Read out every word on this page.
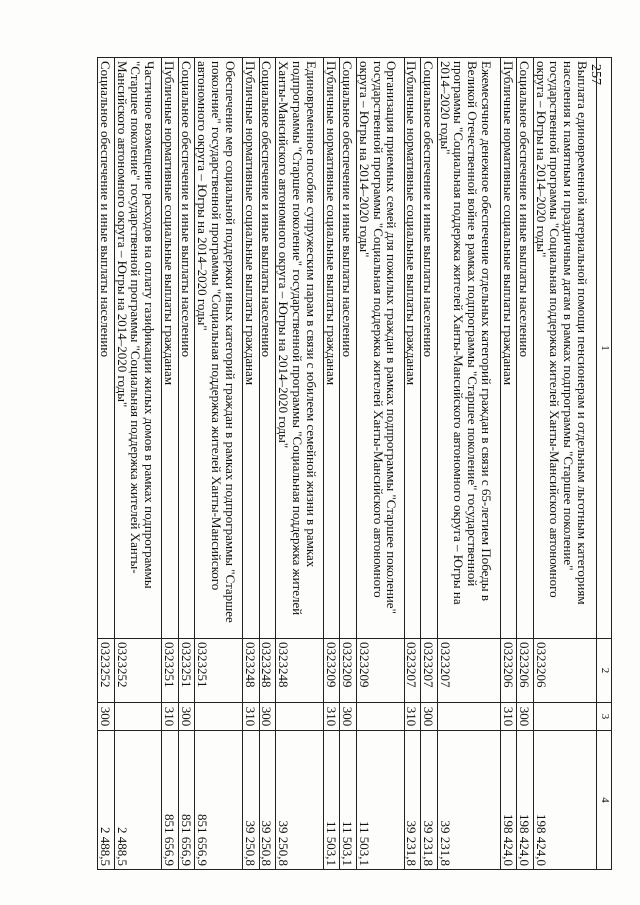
257
1	2	3	4
Выплата единовременной материальной помощи пенсионерам и отдельным льготным категориям населения к памятным и праздничным датам в рамках подпрограммы "Старшее поколение" государственной программы "Социальная поддержка жителей Ханты-Мансийского автономного округа – Югры на 2014–2020 годы"	0323206		198 424,0
Социальное обеспечение и иные выплаты населению	0323206	300	198 424,0
Публичные нормативные социальные выплаты гражданам	0323206	310	198 424,0
Ежемесячное денежное обеспечение отдельных категорий граждан в связи с 65-летием Победы в Великой Отечественной войне в рамках подпрограммы "Старшее поколение" государственной программы "Социальная поддержка жителей Ханты-Мансийского автономного округа – Югры на 2014–2020 годы"	0323207		39 231,8
Социальное обеспечение и иные выплаты населению	0323207	300	39 231,8
Публичные нормативные социальные выплаты гражданам	0323207	310	39 231,8
Организация приемных семей для пожилых граждан в рамках подпрограммы "Старшее поколение" государственной программы "Социальная поддержка жителей Ханты-Мансийского автономного округа – Югры на 2014–2020 годы"	0323209		11 503,1
Социальное обеспечение и иные выплаты населению	0323209	300	11 503,1
Публичные нормативные социальные выплаты гражданам	0323209	310	11 503,1
Единовременное пособие супружеским парам в связи с юбилеем семейной жизни в рамках подпрограммы "Старшее поколение" государственной программы "Социальная поддержка жителей Ханты-Мансийского автономного округа – Югры на 2014–2020 годы"	0323248		39 250,8
Социальное обеспечение и иные выплаты населению	0323248	300	39 250,8
Публичные нормативные социальные выплаты гражданам	0323248	310	39 250,8
Обеспечение мер социальной поддержки иных категорий граждан в рамках подпрограммы "Старшее поколение" государственной программы "Социальная поддержка жителей Ханты-Мансийского автономного округа – Югры на 2014–2020 годы"	0323251		851 656,9
Социальное обеспечение и иные выплаты населению	0323251	300	851 656,9
Публичные нормативные социальные выплаты гражданам	0323251	310	851 656,9
Частичное возмещение расходов на оплату газификации жилых домов в рамках подпрограммы "Старшее поколение" государственной программы "Социальная поддержка жителей Ханты-Мансийского автономного округа – Югры на 2014–2020 годы"	0323252		2 488,5
Социальное обеспечение и иные выплаты населению	0323252	300	2 488,5
